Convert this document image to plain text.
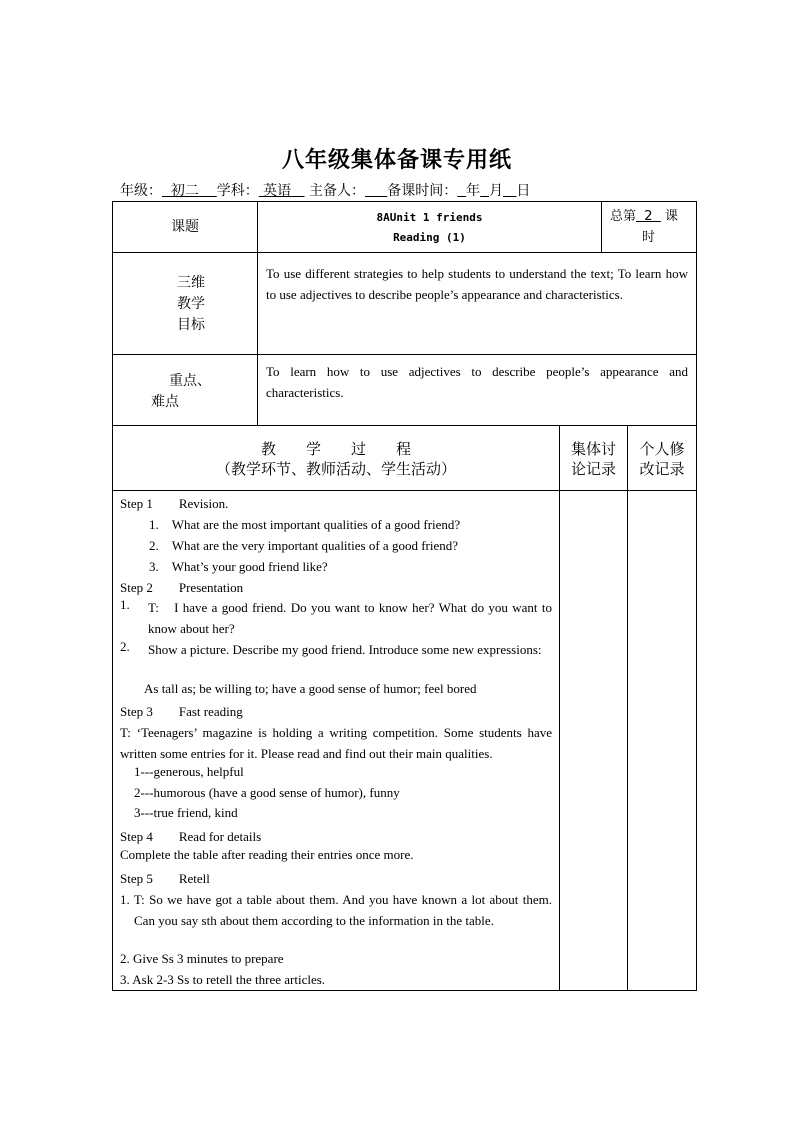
八年级集体备课专用纸
年级： 初二 学科： 英语 主备人： 备课时间： 年 月 日
课题
8AUnit 1 friends
Reading (1)
总第 2 课
时
三维
教学
目标
To use different strategies to help students to understand the text; To learn how to use adjectives to describe people’s appearance and characteristics.
重点、
难点
To learn how to use adjectives to describe people’s appearance and characteristics.
教　　学　　过　　程
（教学环节、教师活动、学生活动）
集体讨
论记录
个人修
改记录
Step 1　　Revision.
1.　What are the most important qualities of a good friend?
2.　What are the very important qualities of a good friend?
3.　What’s your good friend like?
Step 2　　Presentation
1. T:　I have a good friend. Do you want to know her? What do you want to know about her?
2. Show a picture. Describe my good friend. Introduce some new expressions:
As tall as; be willing to; have a good sense of humor; feel bored
Step 3　　Fast reading
T: ‘Teenagers’ magazine is holding a writing competition. Some students have written some entries for it. Please read and find out their main qualities.
1---generous, helpful
2---humorous (have a good sense of humor), funny
3---true friend, kind
Step 4　　Read for details
Complete the table after reading their entries once more.
Step 5　　Retell
1. T: So we have got a table about them. And you have known a lot about them. Can you say sth about them according to the information in the table.
2. Give Ss 3 minutes to prepare
3. Ask 2-3 Ss to retell the three articles.
